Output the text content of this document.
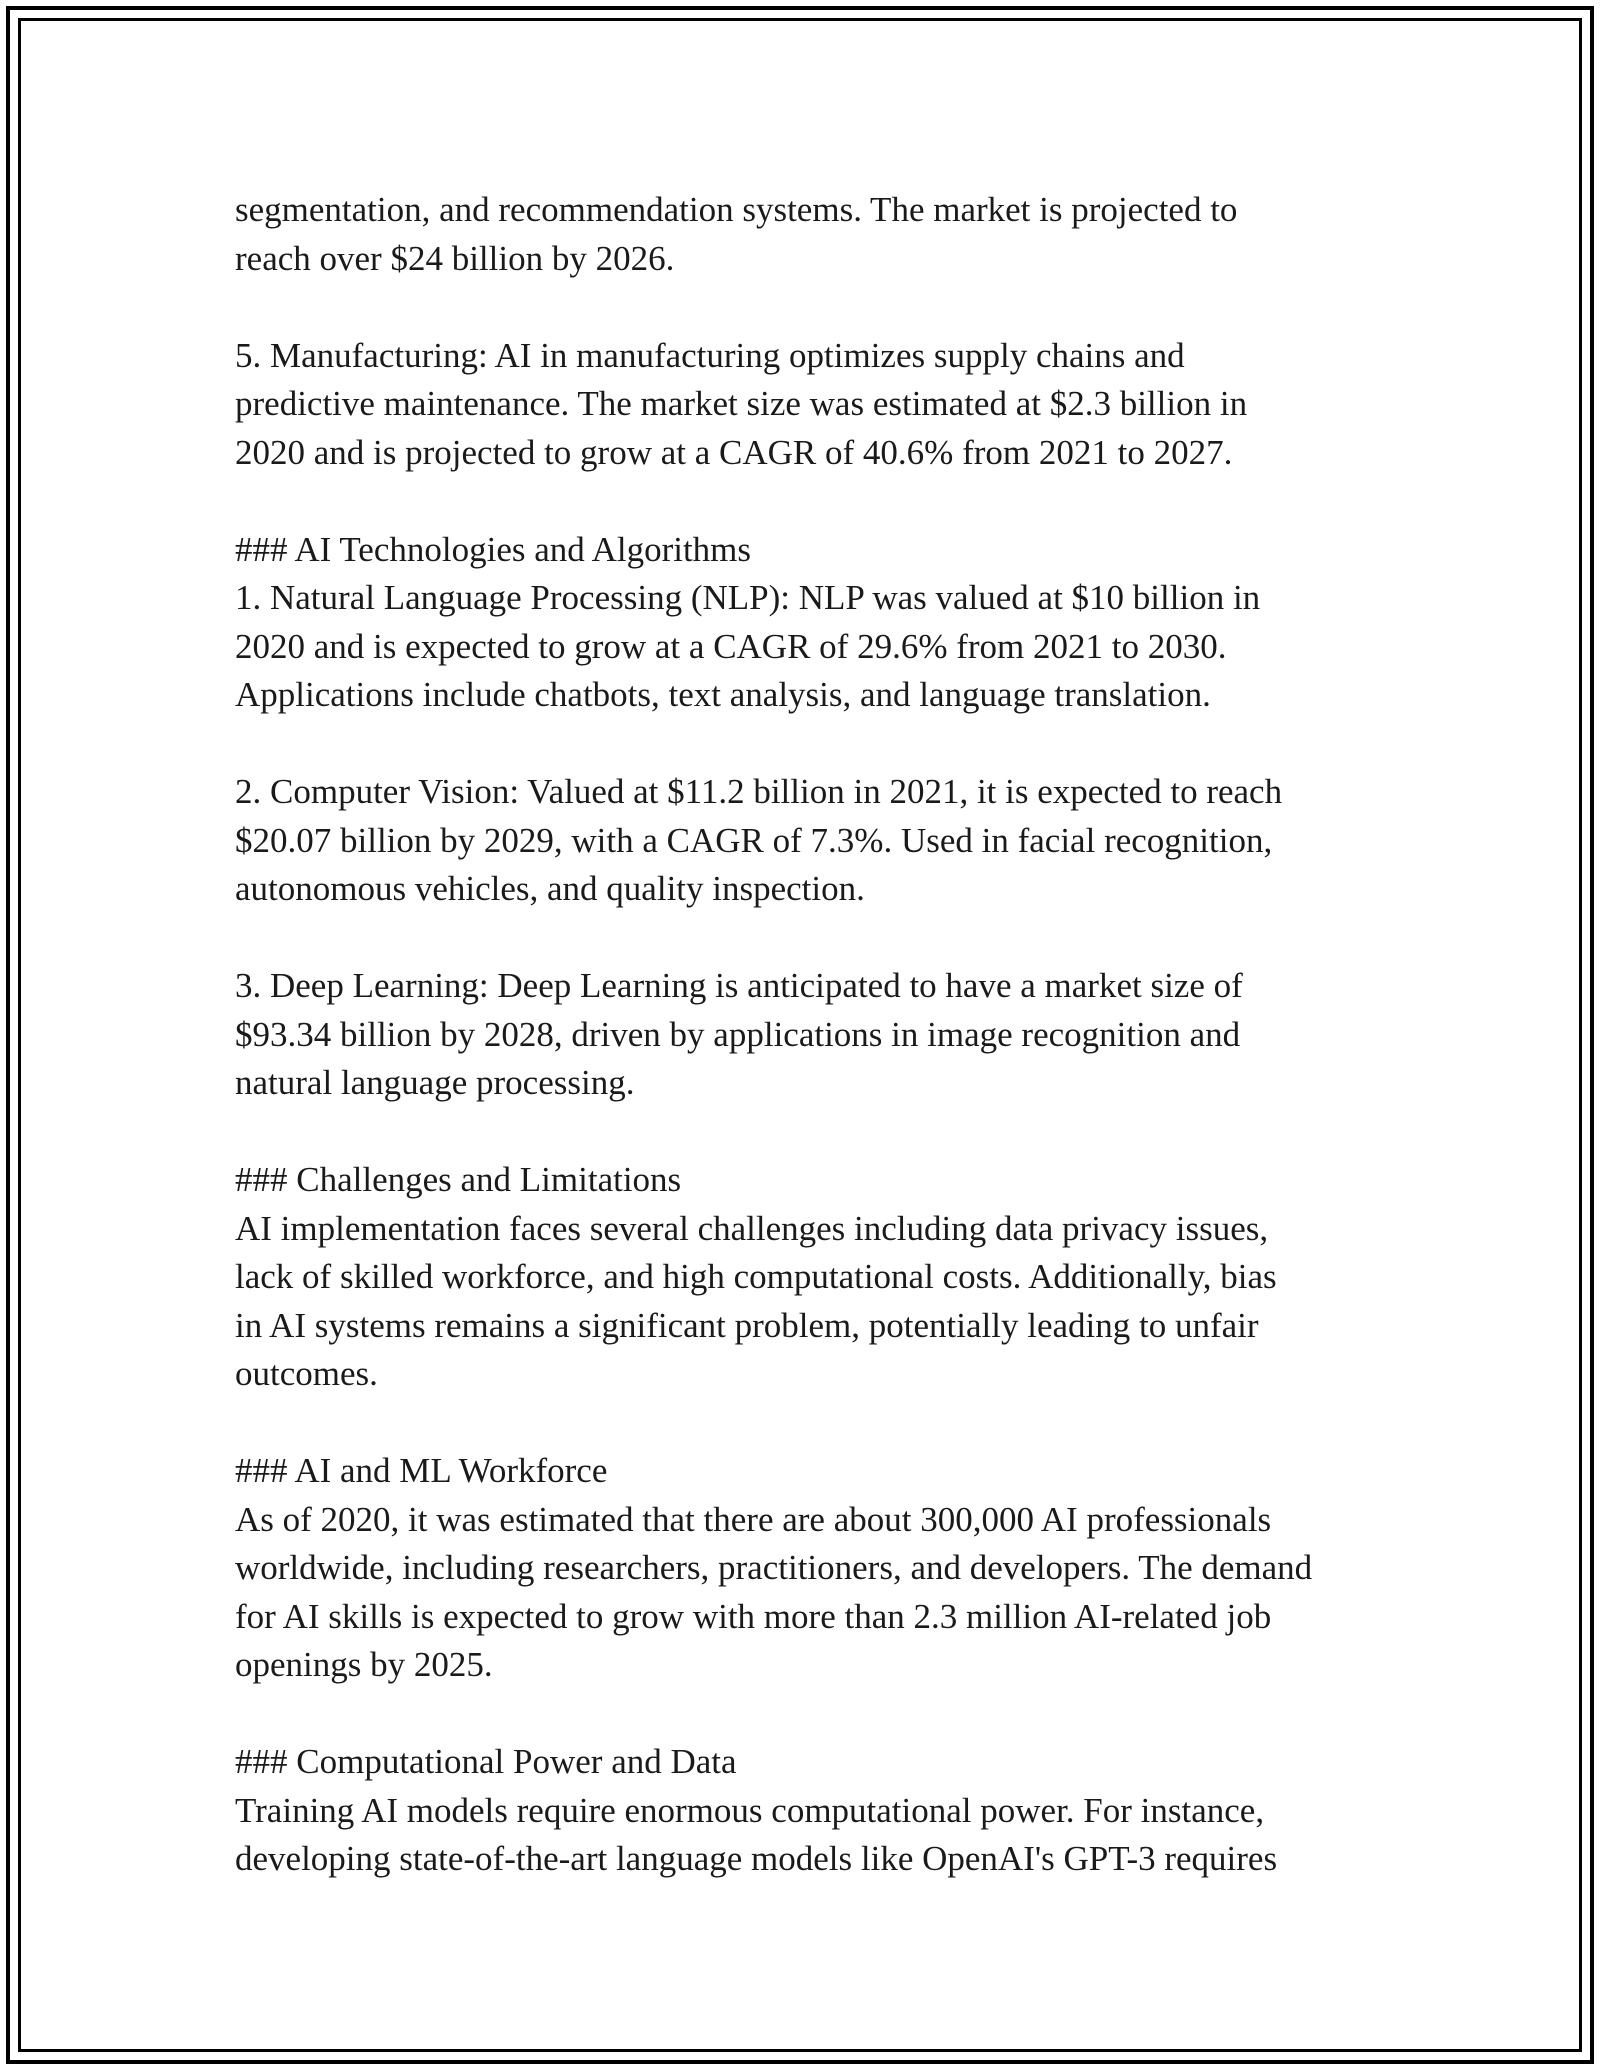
segmentation, and recommendation systems. The market is projected to
reach over $24 billion by 2026.
5. Manufacturing: AI in manufacturing optimizes supply chains and
predictive maintenance. The market size was estimated at $2.3 billion in
2020 and is projected to grow at a CAGR of 40.6% from 2021 to 2027.
### AI Technologies and Algorithms
1. Natural Language Processing (NLP): NLP was valued at $10 billion in
2020 and is expected to grow at a CAGR of 29.6% from 2021 to 2030.
Applications include chatbots, text analysis, and language translation.
2. Computer Vision: Valued at $11.2 billion in 2021, it is expected to reach
$20.07 billion by 2029, with a CAGR of 7.3%. Used in facial recognition,
autonomous vehicles, and quality inspection.
3. Deep Learning: Deep Learning is anticipated to have a market size of
$93.34 billion by 2028, driven by applications in image recognition and
natural language processing.
### Challenges and Limitations
AI implementation faces several challenges including data privacy issues,
lack of skilled workforce, and high computational costs. Additionally, bias
in AI systems remains a significant problem, potentially leading to unfair
outcomes.
### AI and ML Workforce
As of 2020, it was estimated that there are about 300,000 AI professionals
worldwide, including researchers, practitioners, and developers. The demand
for AI skills is expected to grow with more than 2.3 million AI-related job
openings by 2025.
### Computational Power and Data
Training AI models require enormous computational power. For instance,
developing state-of-the-art language models like OpenAI's GPT-3 requires
